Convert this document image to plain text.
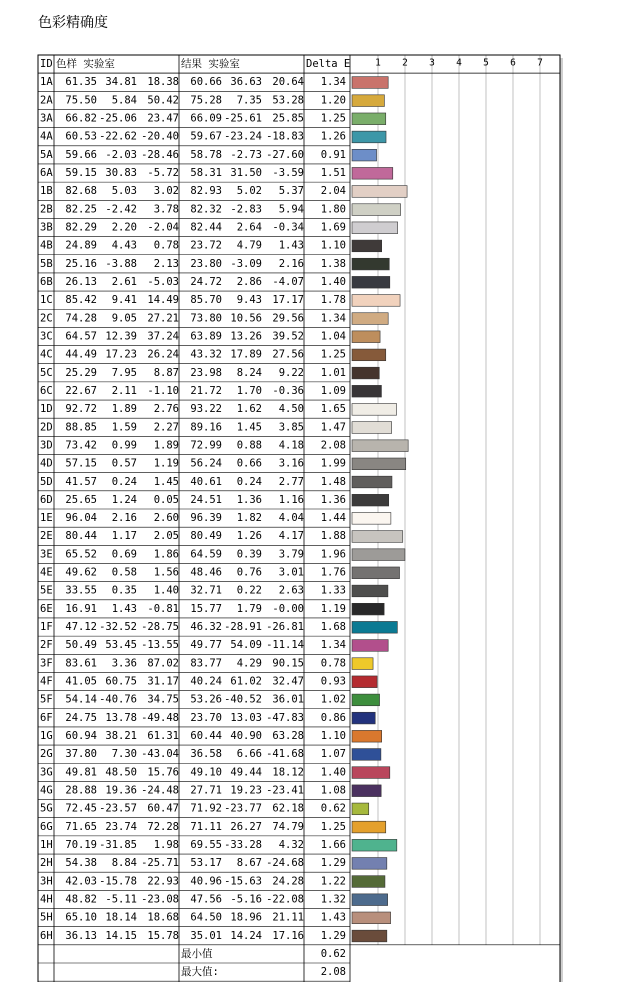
色彩精确度
ID 色样 实验室	结果 实验室	Delta E	1 2 3 4 5 6 7
1A 61.35 34.81 18.38 60.66 36.63 20.64 1.34
2A 75.50 5.84 50.42 75.28 7.35 53.28 1.20
3A 66.82 -25.06 23.47 66.09 -25.61 25.85 1.25
4A 60.53 -22.62 -20.40 59.67 -23.24 -18.83 1.26
5A 59.66 -2.03 -28.46 58.78 -2.73 -27.60 0.91
6A 59.15 30.83 -5.72 58.31 31.50 -3.59 1.51
1B 82.68 5.03 3.02 82.93 5.02 5.37 2.04
2B 82.25 -2.42 3.78 82.32 -2.83 5.94 1.80
3B 82.29 2.20 -2.04 82.44 2.64 -0.34 1.69
4B 24.89 4.43 0.78 23.72 4.79 1.43 1.10
5B 25.16 -3.88 2.13 23.80 -3.09 2.16 1.38
6B 26.13 2.61 -5.03 24.72 2.86 -4.07 1.40
1C 85.42 9.41 14.49 85.70 9.43 17.17 1.78
2C 74.28 9.05 27.21 73.80 10.56 29.56 1.34
3C 64.57 12.39 37.24 63.89 13.26 39.52 1.04
4C 44.49 17.23 26.24 43.32 17.89 27.56 1.25
5C 25.29 7.95 8.87 23.98 8.24 9.22 1.01
6C 22.67 2.11 -1.10 21.72 1.70 -0.36 1.09
1D 92.72 1.89 2.76 93.22 1.62 4.50 1.65
2D 88.85 1.59 2.27 89.16 1.45 3.85 1.47
3D 73.42 0.99 1.89 72.99 0.88 4.18 2.08
4D 57.15 0.57 1.19 56.24 0.66 3.16 1.99
5D 41.57 0.24 1.45 40.61 0.24 2.77 1.48
6D 25.65 1.24 0.05 24.51 1.36 1.16 1.36
1E 96.04 2.16 2.60 96.39 1.82 4.04 1.44
2E 80.44 1.17 2.05 80.49 1.26 4.17 1.88
3E 65.52 0.69 1.86 64.59 0.39 3.79 1.96
4E 49.62 0.58 1.56 48.46 0.76 3.01 1.76
5E 33.55 0.35 1.40 32.71 0.22 2.63 1.33
6E 16.91 1.43 -0.81 15.77 1.79 -0.00 1.19
1F 47.12 -32.52 -28.75 46.32 -28.91 -26.81 1.68
2F 50.49 53.45 -13.55 49.77 54.09 -11.14 1.34
3F 83.61 3.36 87.02 83.77 4.29 90.15 0.78
4F 41.05 60.75 31.17 40.24 61.02 32.47 0.93
5F 54.14 -40.76 34.75 53.26 -40.52 36.01 1.02
6F 24.75 13.78 -49.48 23.70 13.03 -47.83 0.86
1G 60.94 38.21 61.31 60.44 40.90 63.28 1.10
2G 37.80 7.30 -43.04 36.58 6.66 -41.68 1.07
3G 49.81 48.50 15.76 49.10 49.44 18.12 1.40
4G 28.88 19.36 -24.48 27.71 19.23 -23.41 1.08
5G 72.45 -23.57 60.47 71.92 -23.77 62.18 0.62
6G 71.65 23.74 72.28 71.11 26.27 74.79 1.25
1H 70.19 -31.85 1.98 69.55 -33.28 4.32 1.66
2H 54.38 8.84 -25.71 53.17 8.67 -24.68 1.29
3H 42.03 -15.78 22.93 40.96 -15.63 24.28 1.22
4H 48.82 -5.11 -23.08 47.56 -5.16 -22.08 1.32
5H 65.10 18.14 18.68 64.50 18.96 21.11 1.43
6H 36.13 14.15 15.78 35.01 14.24 17.16 1.29
最小值	0.62
最大值:	2.08
